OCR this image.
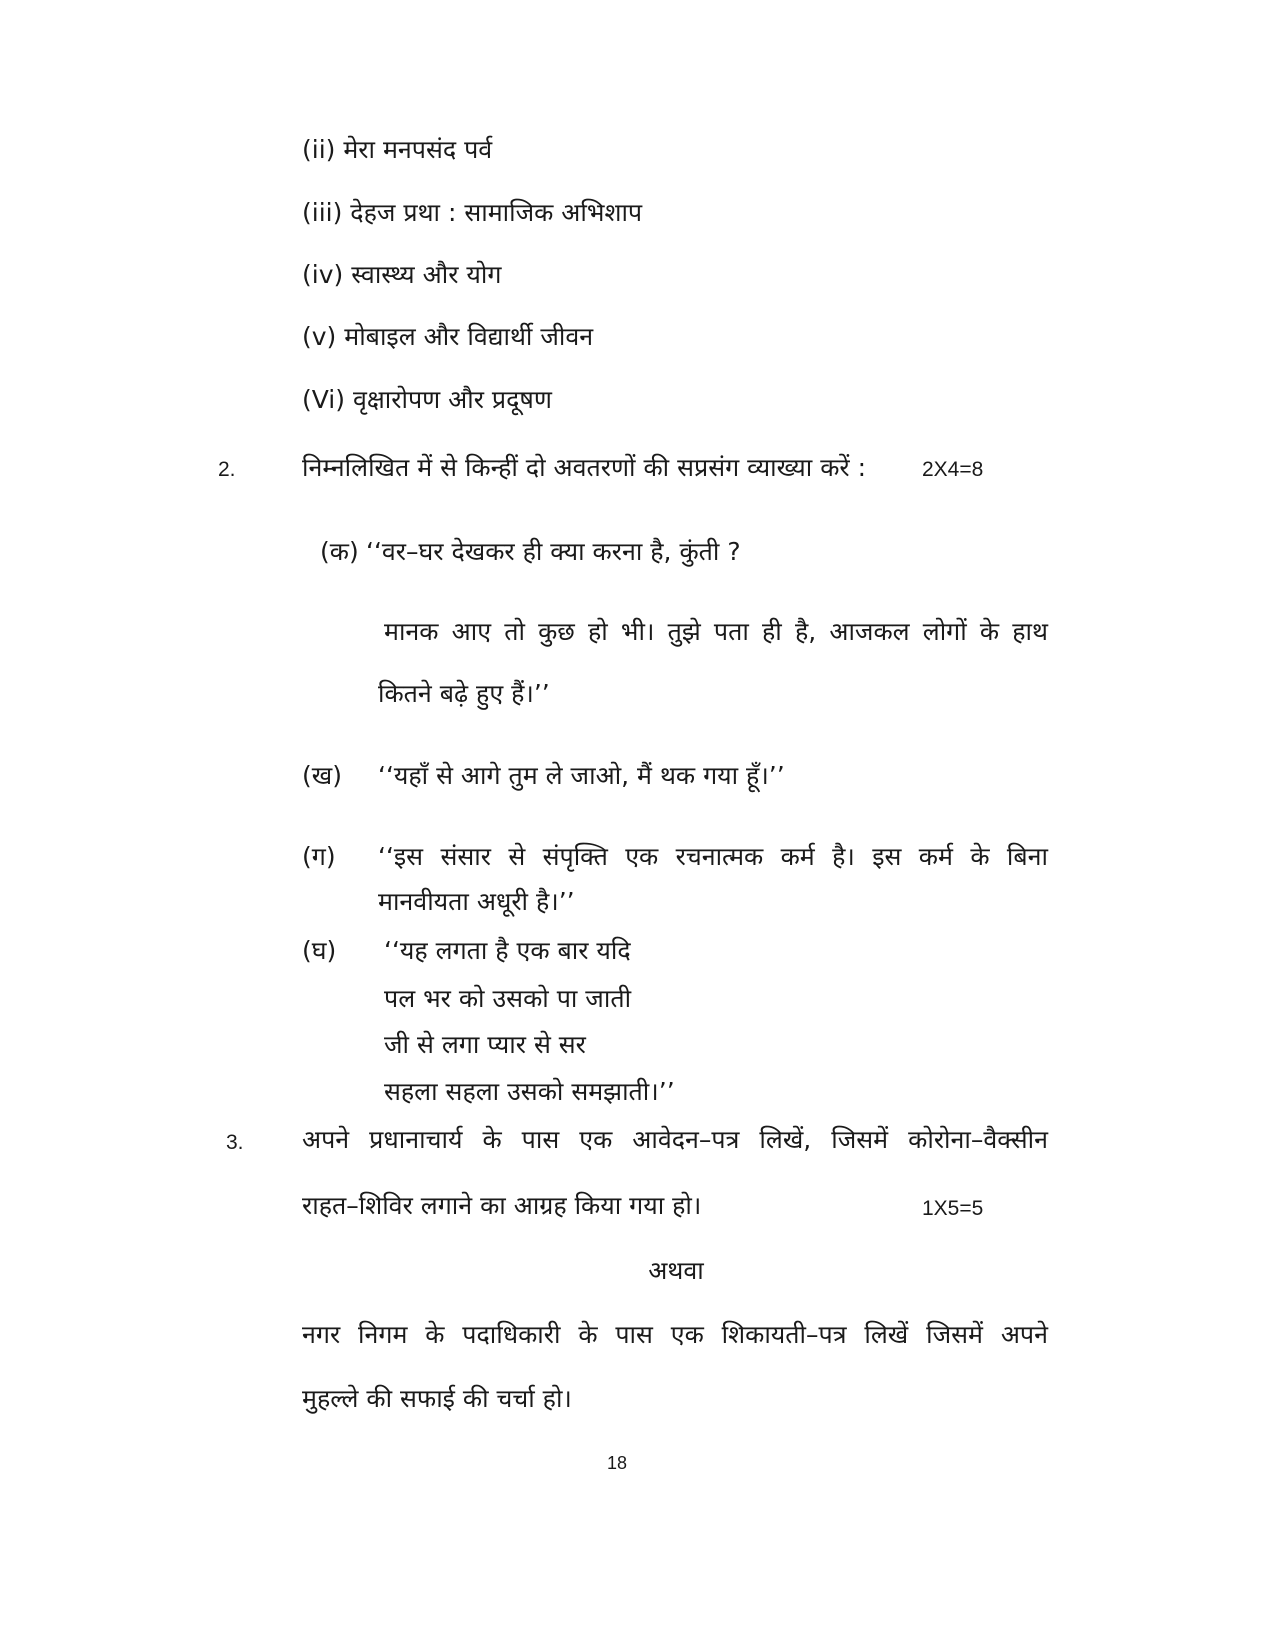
(ii) मेरा मनपसंद पर्व
(iii) देहज प्रथा : सामाजिक अभिशाप
(iv) स्वास्थ्य और योग
(v) मोबाइल और विद्यार्थी जीवन
(Vi) वृक्षारोपण और प्रदूषण
2.	निम्नलिखित में से किन्हीं दो अवतरणों की सप्रसंग व्याख्या करें :	2X4=8
(क) ‘‘वर–घर देखकर ही क्या करना है, कुंती ?
मानक आए तो कुछ हो भी। तुझे पता ही है, आजकल लोगों के हाथ
कितने बढ़े हुए हैं।’’
(ख) ‘‘यहाँ से आगे तुम ले जाओ, मैं थक गया हूँ।’’
(ग) ‘‘इस संसार से संपृक्ति एक रचनात्मक कर्म है। इस कर्म के बिना
मानवीयता अधूरी है।’’
(घ) ‘‘यह लगता है एक बार यदि
पल भर को उसको पा जाती
जी से लगा प्यार से सर
सहला सहला उसको समझाती।’’
3. अपने प्रधानाचार्य के पास एक आवेदन–पत्र लिखें, जिसमें कोरोना–वैक्सीन
राहत–शिविर लगाने का आग्रह किया गया हो।	1X5=5
अथवा
नगर निगम के पदाधिकारी के पास एक शिकायती–पत्र लिखें जिसमें अपने
मुहल्ले की सफाई की चर्चा हो।
18
